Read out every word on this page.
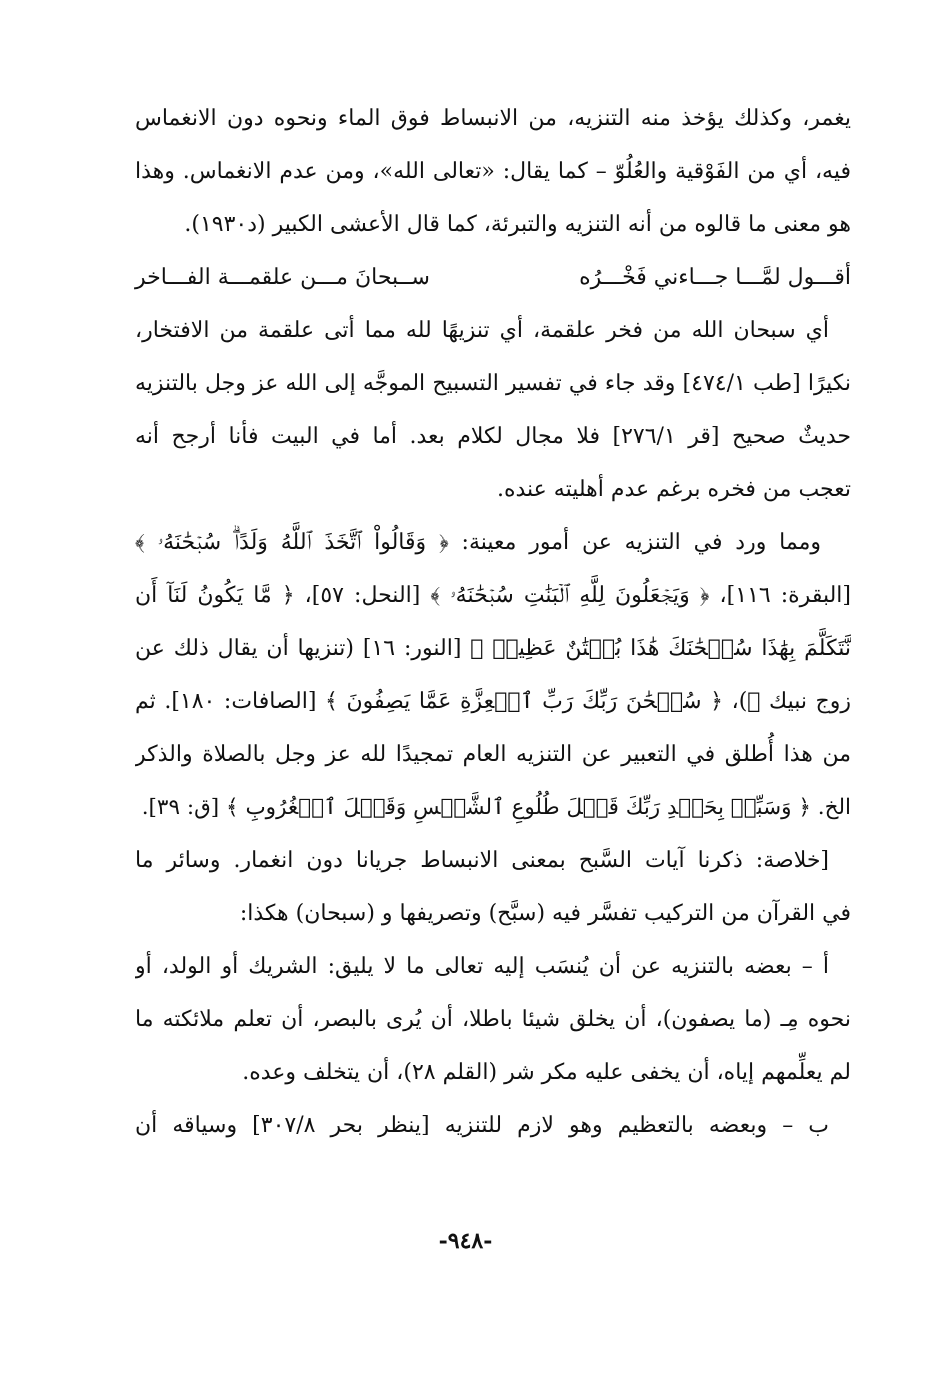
يغمر، وكذلك يؤخذ منه التنزيه، من الانبساط فوق الماء ونحوه دون الانغماس
فيه، أي من الفَوْقية والعُلُوّ – كما يقال: «تعالى الله»، ومن عدم الانغماس. وهذا
هو معنى ما قالوه من أنه التنزيه والتبرئة، كما قال الأعشى الكبير (د١٩٣٠).
أقـــول لمَّـــا جـــاءني فَخْـــرُه
ســبحانَ مـــن علقمـــة الفـــاخر
أي سبحان الله من فخر علقمة، أي تنزيهًا لله مما أتى علقمة من الافتخار،
نكيرًا [طب ٤٧٤/١] وقد جاء في تفسير التسبيح الموجَّه إلى الله عز وجل بالتنزيه
حديثٌ صحيح [قر ٢٧٦/١] فلا مجال لكلام بعد. أما في البيت فأنا أرجح أنه
تعجب من فخره برغم عدم أهليته عنده.
ومما ورد في التنزيه عن أمور معينة: ﴿ وَقَالُواْ ٱتَّخَذَ ٱللَّهُ وَلَدًاۗ سُبۡحَٰنَهُۥ ﴾
[البقرة: ١١٦]، ﴿ وَيَجۡعَلُونَ لِلَّهِ ٱلۡبَنَٰتِ سُبۡحَٰنَهُۥ ﴾ [النحل: ٥٧]، ﴿ مَّا يَكُونُ لَنَآ أَن
نَّتَكَلَّمَ بِهَٰذَا سُبۡحَٰنَكَ هَٰذَا بُهۡتَٰنٌ عَظِيمٞ ﴾ [النور: ١٦] (تنزيها أن يقال ذلك عن
زوج نبيك ﷺ)، ﴿ سُبۡحَٰنَ رَبِّكَ رَبِّ ٱلۡعِزَّةِ عَمَّا يَصِفُونَ ﴾ [الصافات: ١٨٠]. ثم
من هذا أُطلق في التعبير عن التنزيه العام تمجيدًا لله عز وجل بالصلاة والذكر
الخ. ﴿ وَسَبِّحۡ بِحَمۡدِ رَبِّكَ قَبۡلَ طُلُوعِ ٱلشَّمۡسِ وَقَبۡلَ ٱلۡغُرُوبِ ﴾ [ق: ٣٩].
[خلاصة: ذكرنا آيات السَّبح بمعنى الانبساط جريانا دون انغمار. وسائر ما
في القرآن من التركيب تفسَّر فيه (سبَّح) وتصريفها و (سبحان) هكذا:
أ – بعضه بالتنزيه عن أن يُنسَب إليه تعالى ما لا يليق: الشريك أو الولد، أو
نحوه مِـ (ما يصفون)، أن يخلق شيئا باطلا، أن يُرى بالبصر، أن تعلم ملائكته ما
لم يعلِّمهم إياه، أن يخفى عليه مكر شر (القلم ٢٨)، أن يتخلف وعده.
ب – وبعضه بالتعظيم وهو لازم للتنزيه [ينظر بحر ٣٠٧/٨] وسياقه أن
-٩٤٨-
